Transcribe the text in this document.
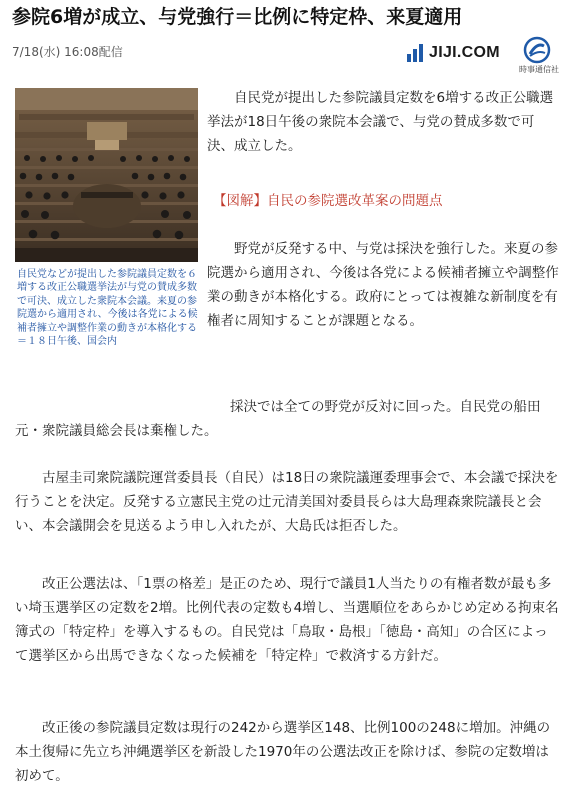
参院6増が成立、与党強行＝比例に特定枠、来夏適用
7/18(水) 16:08配信	JIJI.COM
時事通信社

自民党などが提出した参院議員定数を６増する改正公職選挙法が与党の賛成多数で可決、成立した衆院本会議。来夏の参院選から適用され、今後は各党による候補者擁立や調整作業の動きが本格化する＝１８日午後、国会内

自民党が提出した参院議員定数を6増する改正公職選挙法が18日午後の衆院本会議で、与党の賛成多数で可決、成立した。

【図解】自民の参院選改革案の問題点

野党が反発する中、与党は採決を強行した。来夏の参院選から適用され、今後は各党による候補者擁立や調整作業の動きが本格化する。政府にとっては複雑な新制度を有権者に周知することが課題となる。

採決では全ての野党が反対に回った。自民党の船田元・衆院議員総会長は棄権した。

古屋圭司衆院議院運営委員長（自民）は18日の衆院議運委理事会で、本会議で採決を行うことを決定。反発する立憲民主党の辻元清美国対委員長らは大島理森衆院議長と会い、本会議開会を見送るよう申し入れたが、大島氏は拒否した。

改正公選法は、「1票の格差」是正のため、現行で議員1人当たりの有権者数が最も多い埼玉選挙区の定数を2増。比例代表の定数も4増し、当選順位をあらかじめ定める拘束名簿式の「特定枠」を導入するもの。自民党は「鳥取・島根」「徳島・高知」の合区によって選挙区から出馬できなくなった候補を「特定枠」で救済する方針だ。

改正後の参院議員定数は現行の242から選挙区148、比例100の248に増加。沖縄の本土復帰に先立ち沖縄選挙区を新設した1970年の公選法改正を除けば、参院の定数増は初めて。
